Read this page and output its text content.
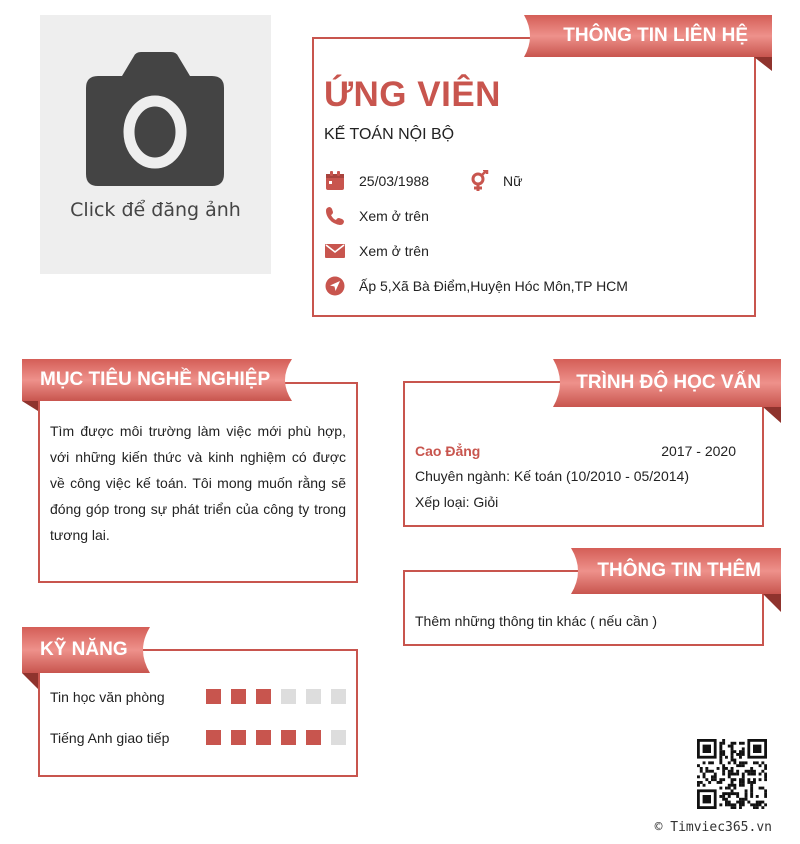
Click để đăng ảnh
ỨNG VIÊN
KẾ TOÁN NỘI BỘ
25/03/1988	Nữ
Xem ở trên
Xem ở trên
Ấp 5,Xã Bà Điểm,Huyện Hóc Môn,TP HCM
THÔNG TIN LIÊN HỆ
Tìm được môi trường làm việc mới phù hợp, với những kiến thức và kinh nghiệm có được về công việc kế toán. Tôi mong muốn rằng sẽ đóng góp trong sự phát triển của công ty trong tương lai.
MỤC TIÊU NGHỀ NGHIỆP
Cao Đẳng	2017 - 2020
Chuyên ngành: Kế toán (10/2010 - 05/2014)
Xếp loại: Giỏi
TRÌNH ĐỘ HỌC VẤN
Thêm những thông tin khác ( nếu cần )
THÔNG TIN THÊM
Tin học văn phòng
Tiếng Anh giao tiếp
KỸ NĂNG
© Timviec365.vn
